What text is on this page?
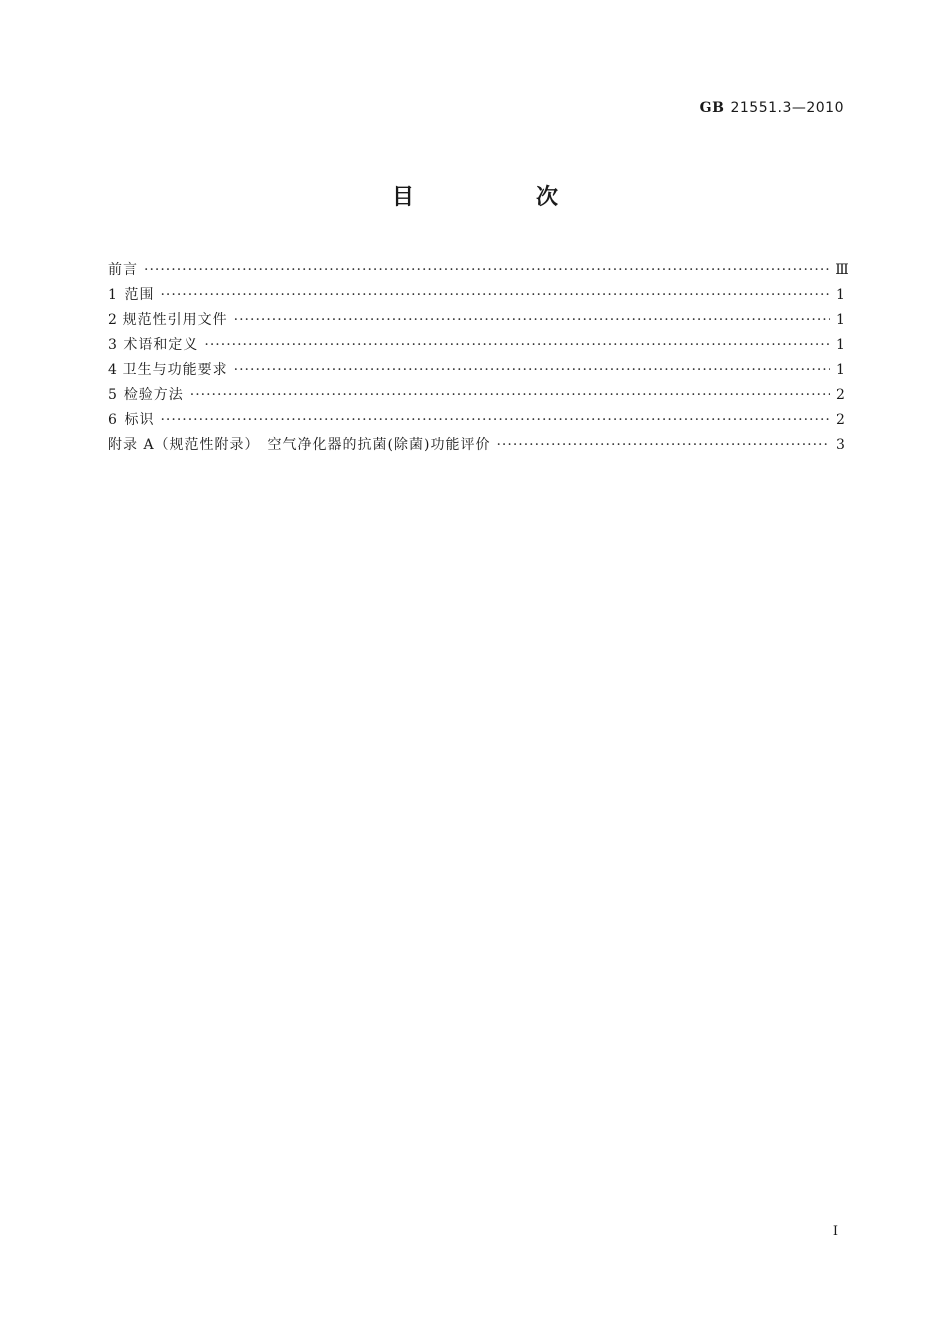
GB 21551.3—2010
目　次
前言 ·····	Ⅲ
1 范围 ·····	1
2 规范性引用文件 ·····	1
3 术语和定义 ·····	1
4 卫生与功能要求 ·····	1
5 检验方法 ·····	2
6 标识 ·····	2
附录 A（规范性附录）　空气净化器的抗菌(除菌)功能评价 ·····	3
I
